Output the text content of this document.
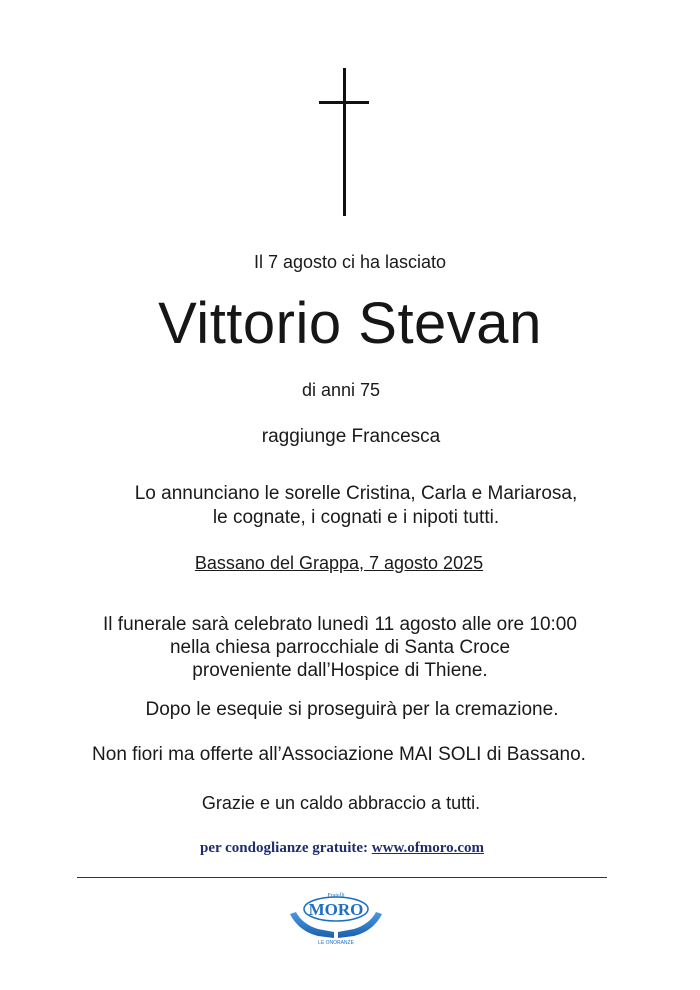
Il 7 agosto ci ha lasciato
Vittorio Stevan
di anni 75
raggiunge Francesca
Lo annunciano le sorelle Cristina, Carla e Mariarosa,
le cognate, i cognati e i nipoti tutti.
Bassano del Grappa, 7 agosto 2025
Il funerale sarà celebrato lunedì 11 agosto alle ore 10:00
nella chiesa parrocchiale di Santa Croce
proveniente dall’Hospice di Thiene.
Dopo le esequie si proseguirà per la cremazione.
Non fiori ma offerte all’Associazione MAI SOLI di Bassano.
Grazie e un caldo abbraccio a tutti.
per condoglianze gratuite: www.ofmoro.com
Fratelli
MORO
LE ONORANZE
